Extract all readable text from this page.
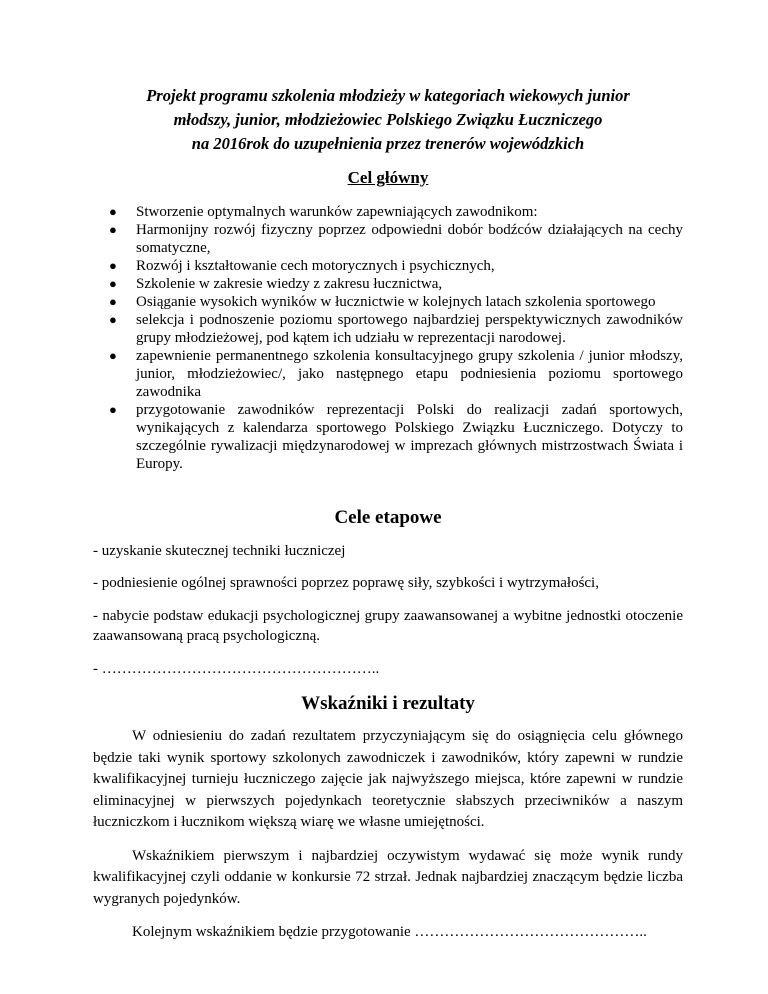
Projekt programu szkolenia młodzieży w kategoriach wiekowych junior
młodszy, junior, młodzieżowiec Polskiego Związku Łuczniczego
na 2016rok do uzupełnienia przez trenerów wojewódzkich
Cel główny
● Stworzenie optymalnych warunków zapewniających zawodnikom:
● Harmonijny rozwój fizyczny poprzez odpowiedni dobór bodźców działających na cechy somatyczne,
● Rozwój i kształtowanie cech motorycznych i psychicznych,
● Szkolenie w zakresie wiedzy z zakresu łucznictwa,
● Osiąganie wysokich wyników w łucznictwie w kolejnych latach szkolenia sportowego
● selekcja i podnoszenie poziomu sportowego najbardziej perspektywicznych zawodników grupy młodzieżowej, pod kątem ich udziału w reprezentacji narodowej.
● zapewnienie permanentnego szkolenia konsultacyjnego grupy szkolenia / junior młodszy, junior, młodzieżowiec/, jako następnego etapu podniesienia poziomu sportowego zawodnika
● przygotowanie zawodników reprezentacji Polski do realizacji zadań sportowych, wynikających z kalendarza sportowego Polskiego Związku Łuczniczego. Dotyczy to szczególnie rywalizacji międzynarodowej w imprezach głównych mistrzostwach Świata i Europy.
Cele etapowe

- uzyskanie skutecznej techniki łuczniczej

- podniesienie ogólnej sprawności poprzez poprawę siły, szybkości i wytrzymałości,

- nabycie podstaw edukacji psychologicznej grupy zaawansowanej a wybitne jednostki otoczenie zaawansowaną pracą psychologiczną.

- ………………………………………………..

Wskaźniki i rezultaty

W odniesieniu do zadań rezultatem przyczyniającym się do osiągnięcia celu głównego będzie taki wynik sportowy szkolonych zawodniczek i zawodników, który zapewni w rundzie kwalifikacyjnej turnieju łuczniczego zajęcie jak najwyższego miejsca, które zapewni w rundzie eliminacyjnej w pierwszych pojedynkach teoretycznie słabszych przeciwników a naszym łuczniczkom i łucznikom większą wiarę we własne umiejętności.

Wskaźnikiem pierwszym i najbardziej oczywistym wydawać się może wynik rundy kwalifikacyjnej czyli oddanie w konkursie 72 strzał. Jednak najbardziej znaczącym będzie liczba wygranych pojedynków.

Kolejnym wskaźnikiem będzie przygotowanie ………………………………………..
